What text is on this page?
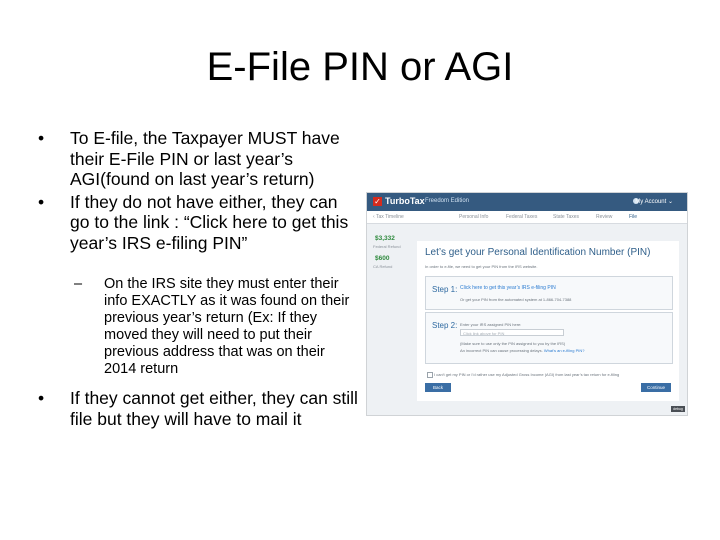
E-File PIN or AGI
• To E-file, the Taxpayer MUST have their E-File PIN or last year’s AGI(found on last year’s return)
• If they do not have either, they can go to the link : “Click here to get this year’s IRS e-filing PIN”
– On the IRS site they must enter their info EXACTLY as it was found on their previous year’s return (Ex: If they moved they will need to put their previous address that was on their 2014 return
• If they cannot get either, they can still file but they will have to mail it
✓ TurboTax Freedom Edition	My Account ⌄
‹ Tax Timeline	Personal Info	Federal Taxes	State Taxes	Review	File
$3,332
Federal Refund
$600
CA Refund
Let’s get your Personal Identification Number (PIN)
In order to e-file, we need to get your PIN from the IRS website.
Step 1: Click here to get this year’s IRS e-filing PIN
Or get your PIN from the automated system at 1-866-704-7388
Step 2: Enter your IRS assigned PIN here:
Click link above for PIN
(Make sure to use only the PIN assigned to you by the IRS)
An incorrect PIN can cause processing delays. What’s an e-filing PIN?
I can’t get my PIN or I’d rather use my Adjusted Gross Income (AGI) from last year’s tax return for e-filing
Back	Continue
debug
